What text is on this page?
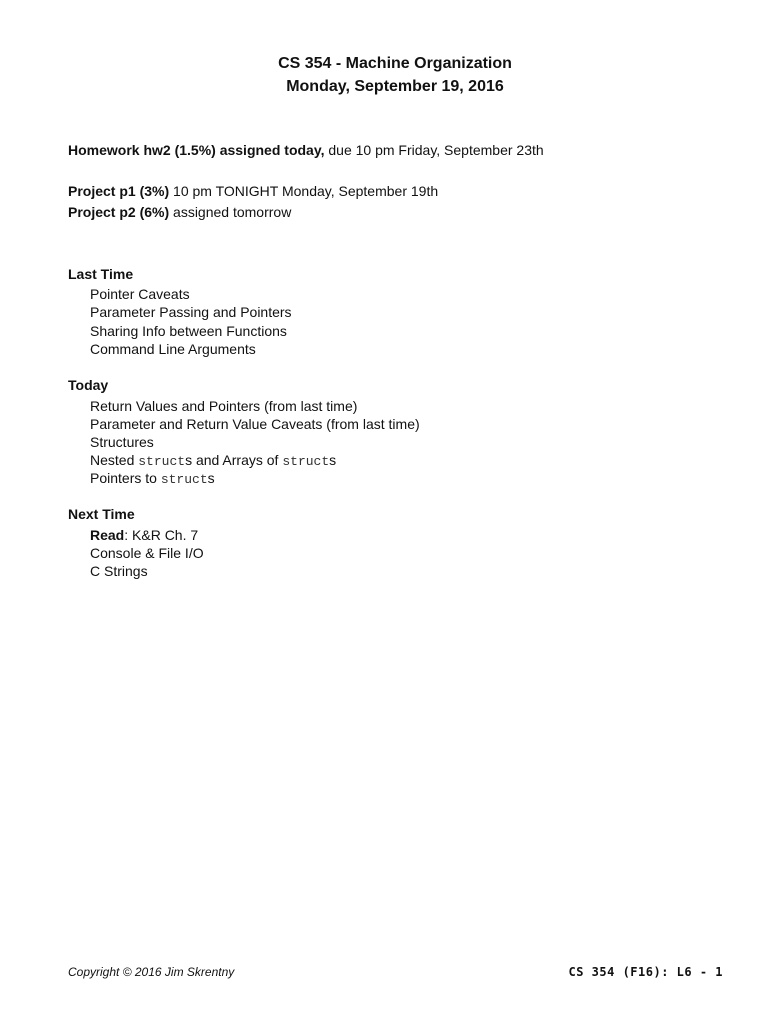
CS 354 - Machine Organization
Monday, September 19, 2016
Homework hw2 (1.5%) assigned today, due 10 pm Friday, September 23th
Project p1 (3%) 10 pm TONIGHT Monday, September 19th
Project p2 (6%) assigned tomorrow
Last Time
Pointer Caveats
Parameter Passing and Pointers
Sharing Info between Functions
Command Line Arguments
Today
Return Values and Pointers (from last time)
Parameter and Return Value Caveats (from last time)
Structures
Nested structs and Arrays of structs
Pointers to structs
Next Time
Read: K&R Ch. 7
Console & File I/O
C Strings
Copyright © 2016 Jim Skrentny	CS 354 (F16): L6 - 1
